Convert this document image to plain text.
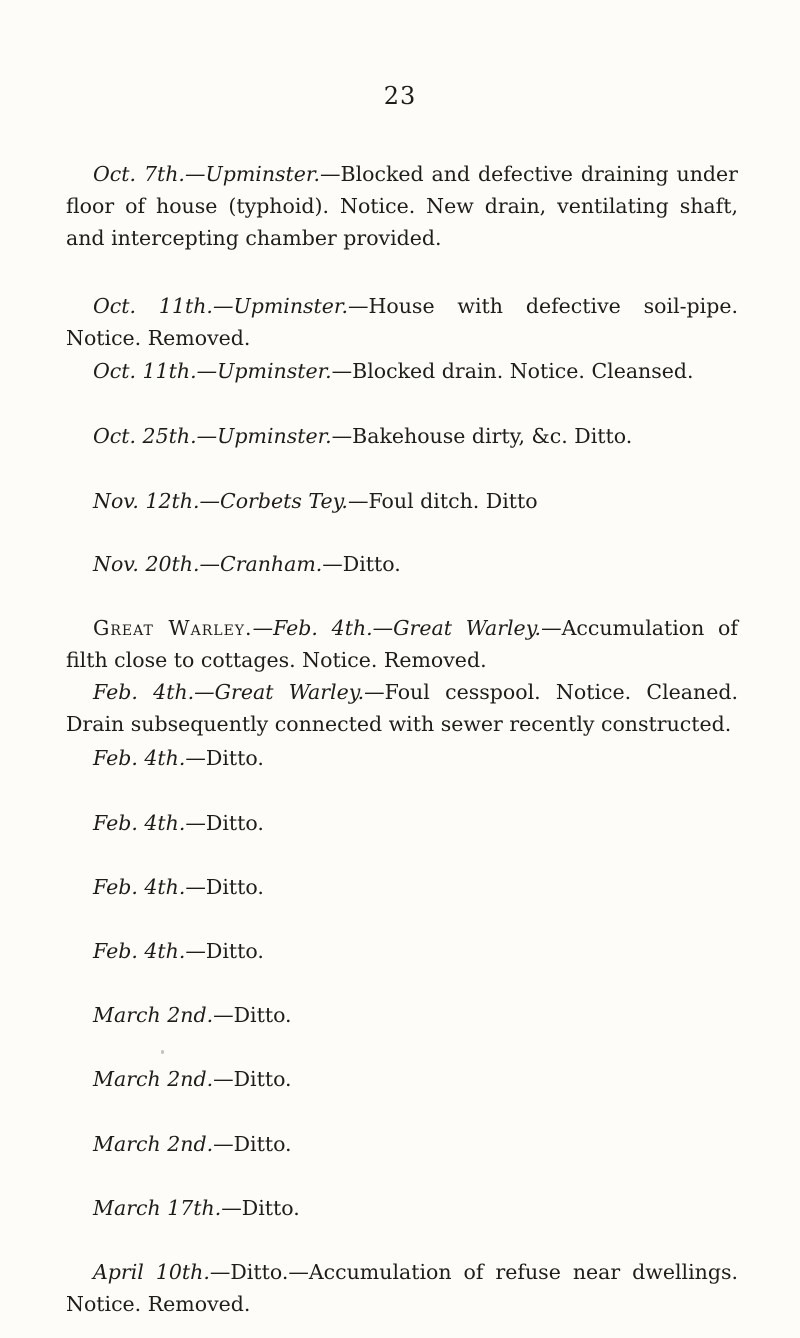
23

Oct. 7th.—Upminster.—Blocked and defective draining under floor of house (typhoid). Notice. New drain, ventilating shaft, and intercepting chamber provided.

Oct. 11th.—Upminster.—House with defective soil-pipe. Notice. Removed.

Oct. 11th.—Upminster.—Blocked drain. Notice. Cleansed.

Oct. 25th.—Upminster.—Bakehouse dirty, &c. Ditto.

Nov. 12th.—Corbets Tey.—Foul ditch. Ditto

Nov. 20th.—Cranham.—Ditto.

Great Warley.—Feb. 4th.—Great Warley.—Accumulation of filth close to cottages. Notice. Removed.

Feb. 4th.—Great Warley.—Foul cesspool. Notice. Cleaned. Drain subsequently connected with sewer recently constructed.

Feb. 4th.—Ditto.

Feb. 4th.—Ditto.

Feb. 4th.—Ditto.

Feb. 4th.—Ditto.

March 2nd.—Ditto.

March 2nd.—Ditto.

March 2nd.—Ditto.

March 17th.—Ditto.

April 10th.—Ditto.—Accumulation of refuse near dwellings. Notice. Removed.
